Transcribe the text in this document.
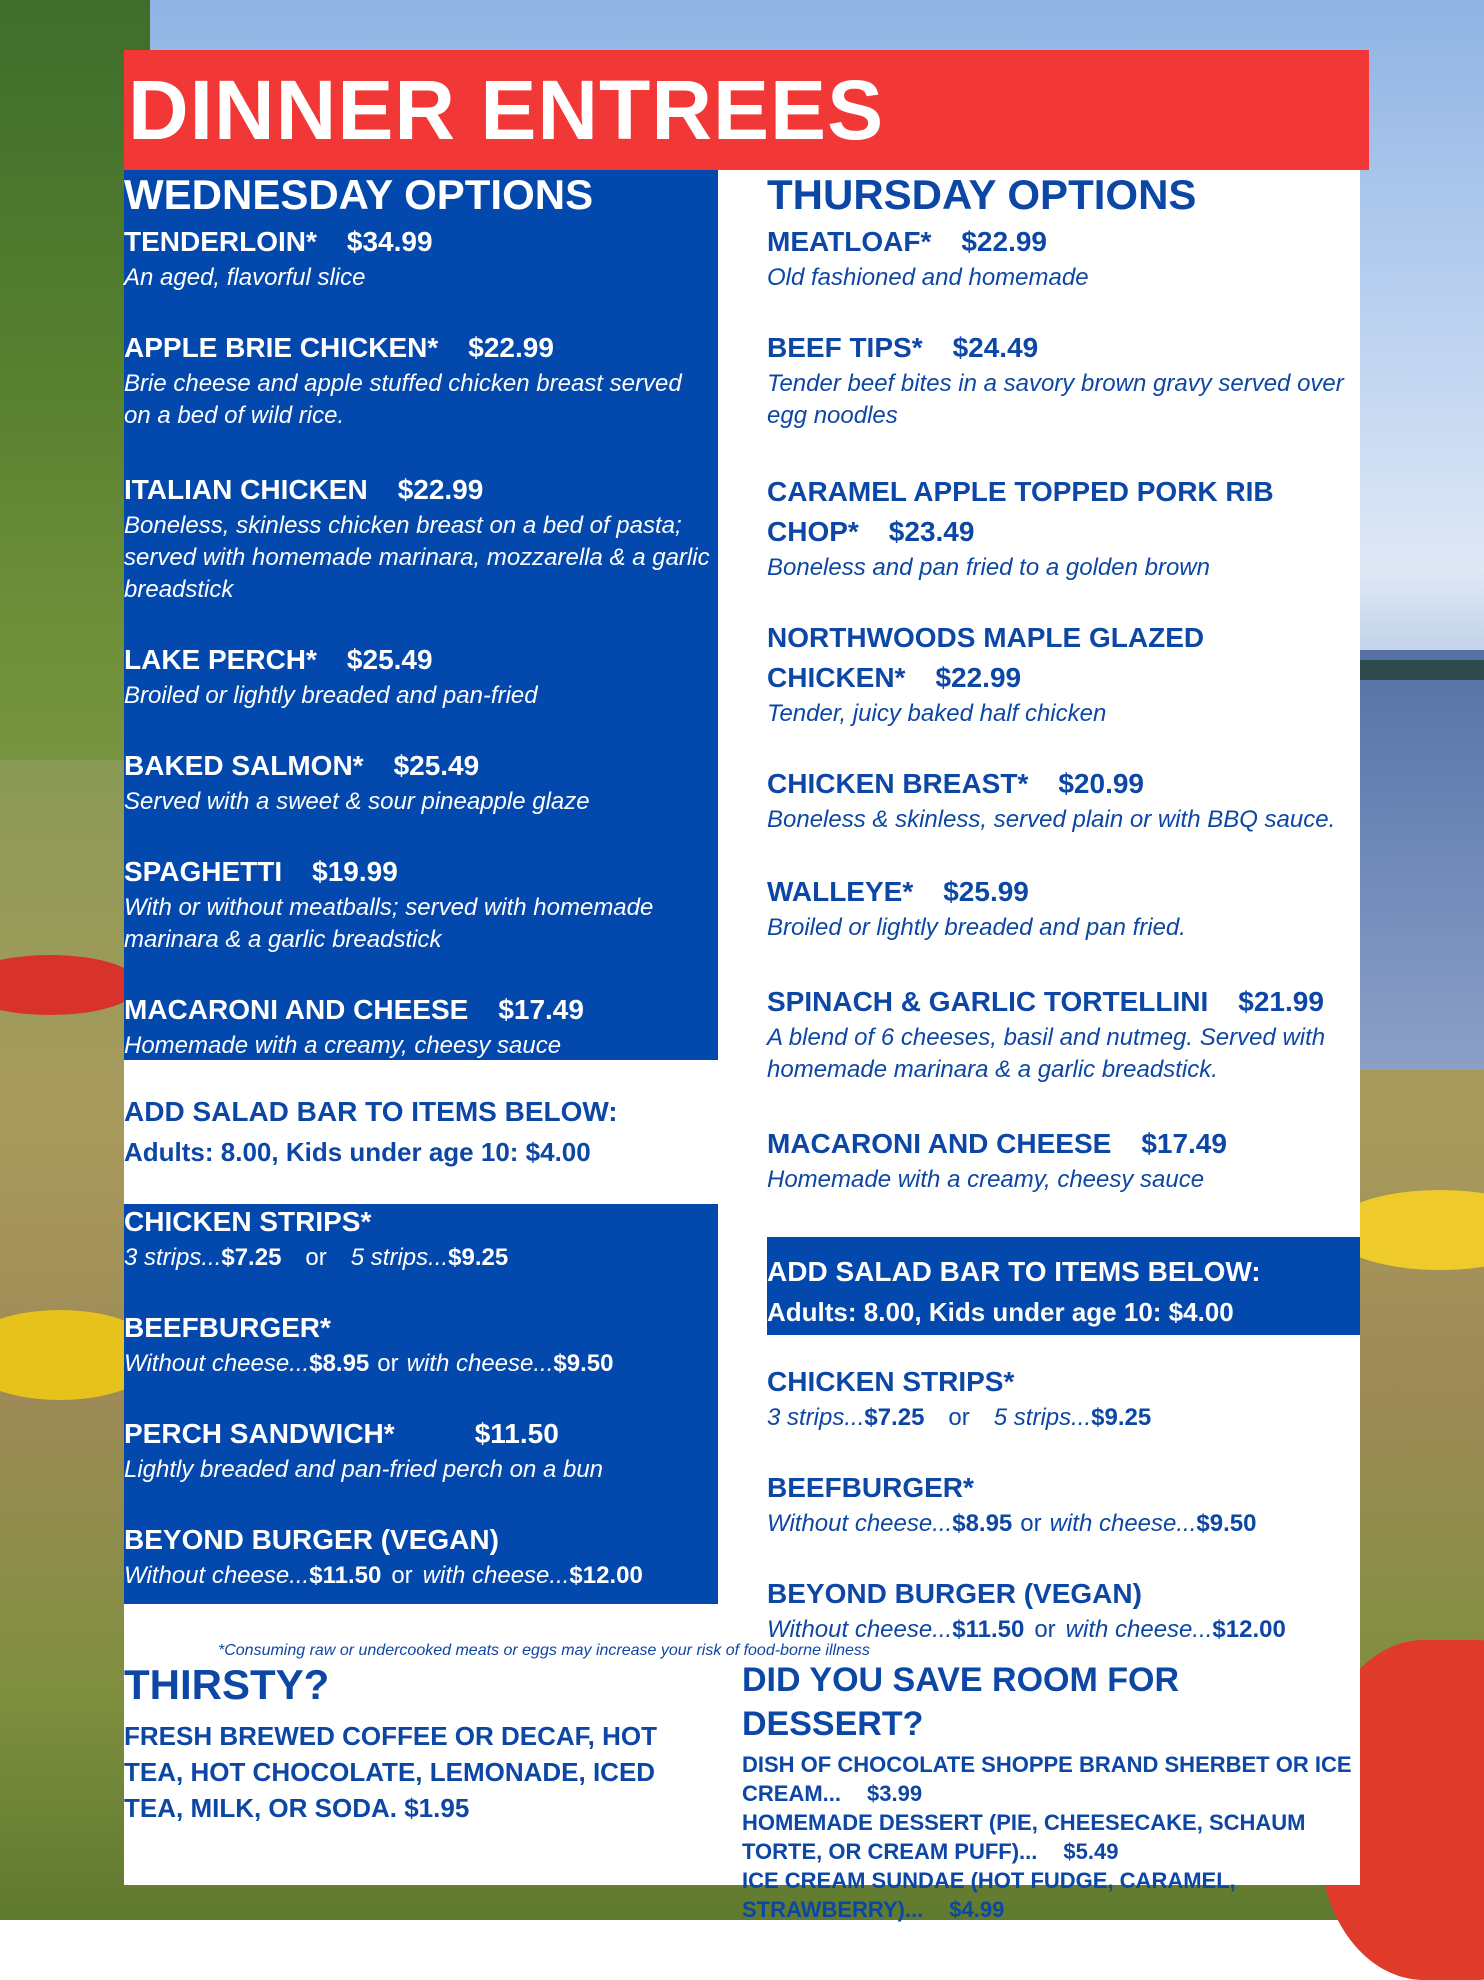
DINNER ENTREES
WEDNESDAY OPTIONS
TENDERLOIN* $34.99
An aged, flavorful slice
APPLE BRIE CHICKEN* $22.99
Brie cheese and apple stuffed chicken breast served on a bed of wild rice.
ITALIAN CHICKEN $22.99
Boneless, skinless chicken breast on a bed of pasta; served with homemade marinara, mozzarella & a garlic breadstick
LAKE PERCH* $25.49
Broiled or lightly breaded and pan-fried
BAKED SALMON* $25.49
Served with a sweet & sour pineapple glaze
SPAGHETTI $19.99
With or without meatballs; served with homemade marinara & a garlic breadstick
MACARONI AND CHEESE $17.49
Homemade with a creamy, cheesy sauce
ADD SALAD BAR TO ITEMS BELOW:
Adults: 8.00, Kids under age 10: $4.00
CHICKEN STRIPS*
3 strips...$7.25 or 5 strips...$9.25
BEEFBURGER*
Without cheese...$8.95 or with cheese...$9.50
PERCH SANDWICH*	$11.50
Lightly breaded and pan-fried perch on a bun
BEYOND BURGER (VEGAN)
Without cheese...$11.50 or with cheese...$12.00
THURSDAY OPTIONS
MEATLOAF* $22.99
Old fashioned and homemade
BEEF TIPS* $24.49
Tender beef bites in a savory brown gravy served over egg noodles
CARAMEL APPLE TOPPED PORK RIB CHOP* $23.49
Boneless and pan fried to a golden brown
NORTHWOODS MAPLE GLAZED CHICKEN* $22.99
Tender, juicy baked half chicken
CHICKEN BREAST* $20.99
Boneless & skinless, served plain or with BBQ sauce.
WALLEYE* $25.99
Broiled or lightly breaded and pan fried.
SPINACH & GARLIC TORTELLINI $21.99
A blend of 6 cheeses, basil and nutmeg. Served with homemade marinara & a garlic breadstick.
MACARONI AND CHEESE $17.49
Homemade with a creamy, cheesy sauce
ADD SALAD BAR TO ITEMS BELOW:
Adults: 8.00, Kids under age 10: $4.00
CHICKEN STRIPS*
3 strips...$7.25 or 5 strips...$9.25
BEEFBURGER*
Without cheese...$8.95 or with cheese...$9.50
BEYOND BURGER (VEGAN)
Without cheese...$11.50 or with cheese...$12.00
*Consuming raw or undercooked meats or eggs may increase your risk of food-borne illness
THIRSTY?

FRESH BREWED COFFEE OR DECAF, HOT TEA, HOT CHOCOLATE, LEMONADE, ICED TEA, MILK, OR SODA. $1.95

DID YOU SAVE ROOM FOR DESSERT?
DISH OF CHOCOLATE SHOPPE BRAND SHERBET OR ICE CREAM... $3.99
HOMEMADE DESSERT (PIE, CHEESECAKE, SCHAUM TORTE, OR CREAM PUFF)... $5.49
ICE CREAM SUNDAE (HOT FUDGE, CARAMEL, STRAWBERRY)... $4.99
